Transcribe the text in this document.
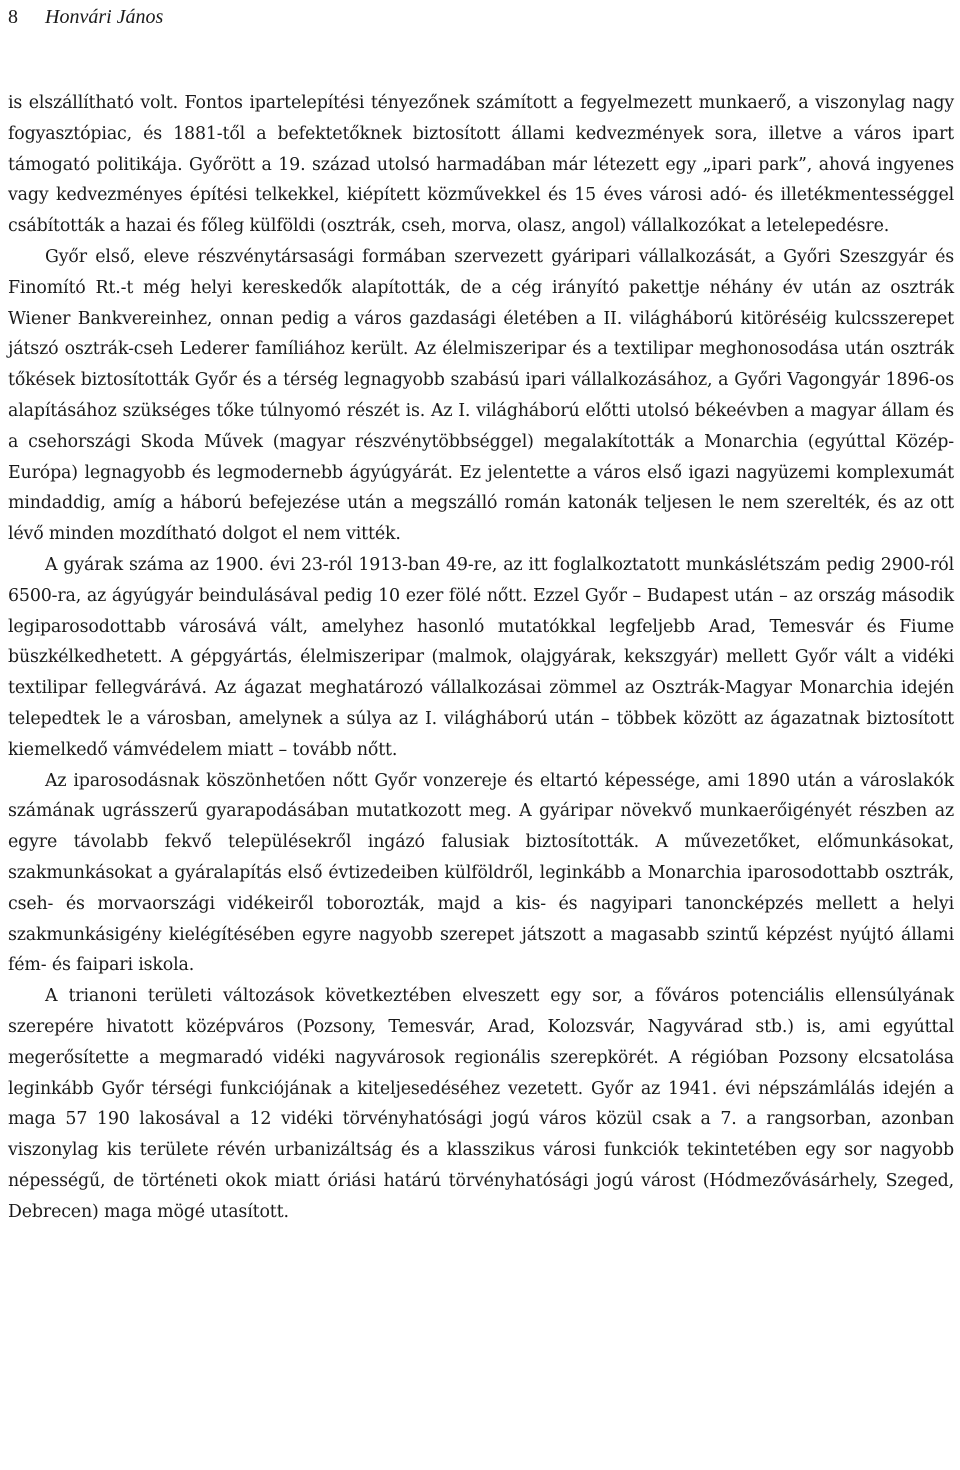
8 Honvári János

is elszállítható volt. Fontos ipartelepítési tényezőnek számított a fegyelmezett munkaerő, a viszonylag nagy fogyasztópiac, és 1881-től a befektetőknek biztosított állami kedvezmények sora, illetve a város ipart támogató politikája. Győrött a 19. század utolsó harmadában már létezett egy „ipari park”, ahová ingyenes vagy kedvezményes építési telkekkel, kiépített közművekkel és 15 éves városi adó- és illetékmentességgel csábították a hazai és főleg külföldi (osztrák, cseh, morva, olasz, angol) vállalkozókat a letelepedésre.

Győr első, eleve részvénytársasági formában szervezett gyáripari vállalkozását, a Győri Szeszgyár és Finomító Rt.-t még helyi kereskedők alapították, de a cég irányító pakettje néhány év után az osztrák Wiener Bankvereinhez, onnan pedig a város gazdasági életében a II. világháború kitöréséig kulcsszerepet játszó osztrák-cseh Lederer famíliához került. Az élelmiszeripar és a textilipar meghonosodása után osztrák tőkések biztosították Győr és a térség legnagyobb szabású ipari vállalkozásához, a Győri Vagongyár 1896-os alapításához szükséges tőke túlnyomó részét is. Az I. világháború előtti utolsó békeévben a magyar állam és a csehországi Skoda Művek (magyar részvénytöbbséggel) megalakították a Monarchia (egyúttal Közép-Európa) legnagyobb és legmodernebb ágyúgyárát. Ez jelentette a város első igazi nagyüzemi komplexumát mindaddig, amíg a háború befejezése után a megszálló román katonák teljesen le nem szerelték, és az ott lévő minden mozdítható dolgot el nem vitték.

A gyárak száma az 1900. évi 23-ról 1913-ban 49-re, az itt foglalkoztatott munkáslétszám pedig 2900-ról 6500-ra, az ágyúgyár beindulásával pedig 10 ezer fölé nőtt. Ezzel Győr – Budapest után – az ország második legiparosodottabb városává vált, amelyhez hasonló mutatókkal legfeljebb Arad, Temesvár és Fiume büszkélkedhetett. A gépgyártás, élelmiszeripar (malmok, olajgyárak, kekszgyár) mellett Győr vált a vidéki textilipar fellegvárává. Az ágazat meghatározó vállalkozásai zömmel az Osztrák-Magyar Monarchia idején telepedtek le a városban, amelynek a súlya az I. világháború után – többek között az ágazatnak biztosított kiemelkedő vámvédelem miatt – tovább nőtt.

Az iparosodásnak köszönhetően nőtt Győr vonzereje és eltartó képessége, ami 1890 után a városlakók számának ugrásszerű gyarapodásában mutatkozott meg. A gyáripar növekvő munkaerőigényét részben az egyre távolabb fekvő településekről ingázó falusiak biztosították. A művezetőket, előmunkásokat, szakmunkásokat a gyáralapítás első évtizedeiben külföldről, leginkább a Monarchia iparosodottabb osztrák, cseh- és morvaországi vidékeiről toborozták, majd a kis- és nagyipari tanoncképzés mellett a helyi szakmunkásigény kielégítésében egyre nagyobb szerepet játszott a magasabb szintű képzést nyújtó állami fém- és faipari iskola.

A trianoni területi változások következtében elveszett egy sor, a főváros potenciális ellensúlyának szerepére hivatott középváros (Pozsony, Temesvár, Arad, Kolozsvár, Nagyvárad stb.) is, ami egyúttal megerősítette a megmaradó vidéki nagyvárosok regionális szerepkörét. A régióban Pozsony elcsatolása leginkább Győr térségi funkciójának a kiteljesedéséhez vezetett. Győr az 1941. évi népszámlálás idején a maga 57 190 lakosával a 12 vidéki törvényhatósági jogú város közül csak a 7. a rangsorban, azonban viszonylag kis területe révén urbanizáltság és a klasszikus városi funkciók tekintetében egy sor nagyobb népességű, de történeti okok miatt óriási határú törvényhatósági jogú várost (Hódmezővásárhely, Szeged, Debrecen) maga mögé utasított.
